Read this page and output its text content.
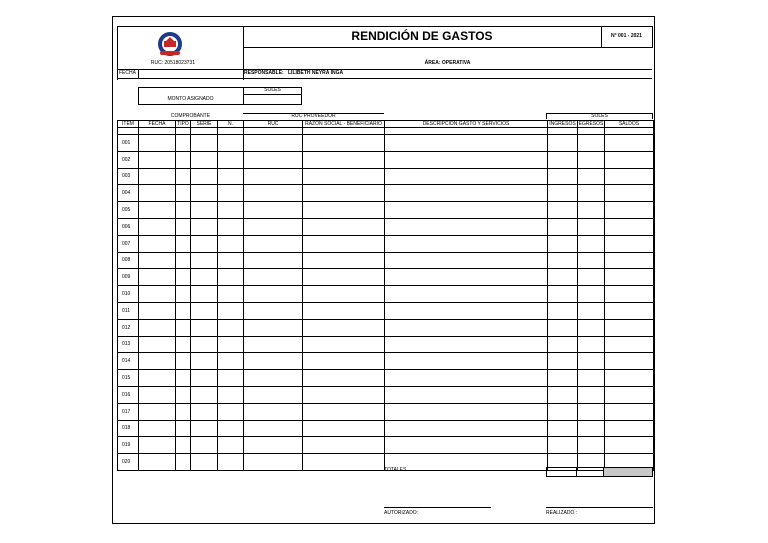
RUC: 20518023731
RENDICIÓN DE GASTOS	N° 001 - 2021
ÁREA: OPERATIVA
FECHA	RESPONSABLE: LILIBETH NEYRA INGA
SOLES
MONTO ASIGNADO
COMPROBANTE	RUC PROVEEDOR	SOLES
ITEM	FECHA	TIPO	SERIE	N.	RUC	RAZON SOCIAL - BENEFICIARIO	DESCRIPCIÓN GASTO Y SERVICIOS	INGRESOS	EGRESOS	SALDOS

001										
002										
003										
004										
005										
006										
007										
008										
009										
010										
011										
012										
013										
014										
015										
016										
017										
018										
019										
020										
TOTALES
AUTORIZADO:	REALIZADO :
